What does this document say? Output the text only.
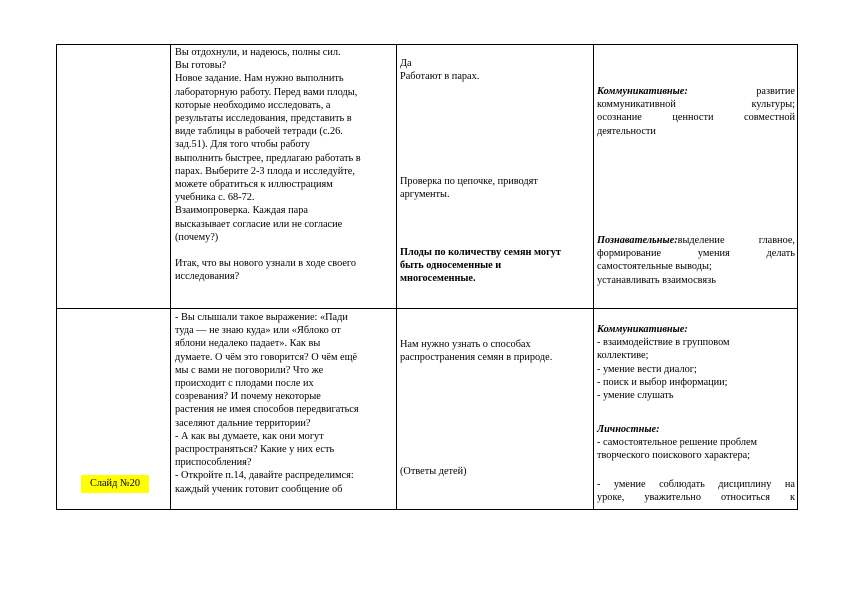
Вы отдохнули, и надеюсь, полны сил.

Вы готовы?

Новое задание. Нам нужно выполнить

лабораторную работу. Перед вами плоды,

которые необходимо исследовать, а

результаты исследования, представить в

виде таблицы в рабочей тетради (с.26.

зад.51). Для того чтобы работу

выполнить быстрее, предлагаю работать в

парах. Выберите 2-3 плода и исследуйте,

можете обратиться к иллюстрациям

учебника с. 68-72.

Взаимопроверка. Каждая пара

высказывает согласие или не согласие

(почему?)

Итак, что вы нового узнали в ходе своего

исследования?

Да

Работают в парах.

Проверка по цепочке, приводят

аргументы.

Плоды по количеству семян могут

быть односеменные и

многосеменные.

Коммуникативные: развитие

коммуникативной культуры;

осознание ценности совместной

деятельности

Познавательные:выделение главное,

формирование умения делать

самостоятельные выводы;

устанавливать взаимосвязь

Слайд №20

- Вы слышали такое выражение: «Пади

туда — не знаю куда» или «Яблоко от

яблони недалеко падает». Как вы

думаете. О чём это говорится? О чём ещё

мы с вами не поговорили? Что же

происходит с плодами после их

созревания? И почему некоторые

растения не имея способов передвигаться

заселяют дальние территории?

- А как вы думаете, как они могут

распространяться? Какие у них есть

приспособления?

- Откройте п.14, давайте распределимся:

каждый ученик готовит сообщение об

Нам нужно узнать о способах

распространения семян в природе.

(Ответы детей)

Коммуникативные:

- взаимодействие в групповом

коллективе;

- умение вести диалог;

- поиск и выбор информации;

- умение слушать

Личностные:

- самостоятельное решение проблем

творческого поискового характера;

- умение соблюдать дисциплину на

уроке, уважительно относиться к
